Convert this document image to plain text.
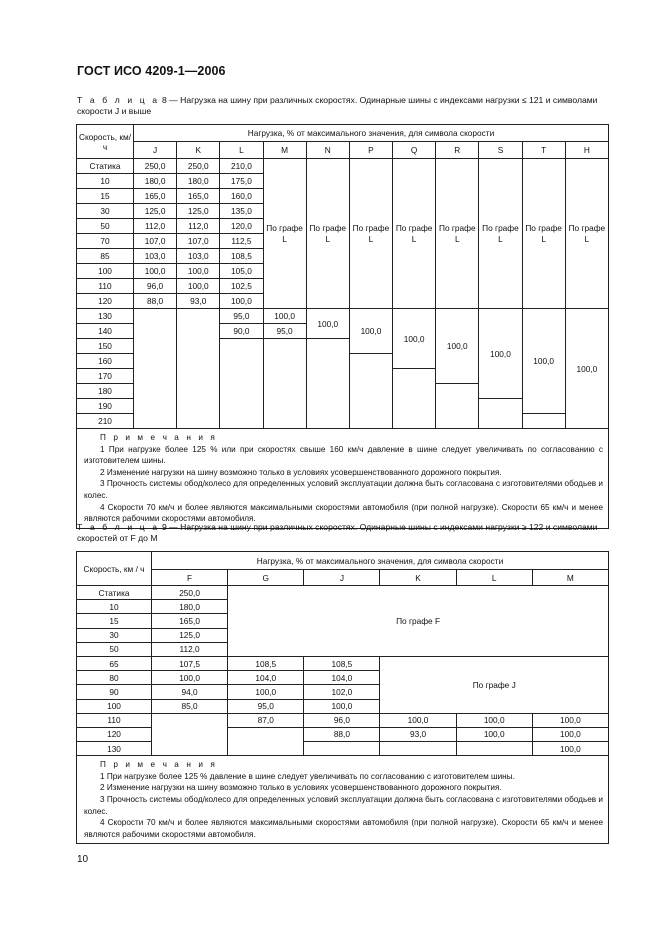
ГОСТ ИСО 4209-1—2006
Т а б л и ц а 8 — Нагрузка на шину при различных скоростях. Одинарные шины с индексами нагрузки ≤ 121 и символами скорости J и выше
Скорость, км/ч	Нагрузка, % от максимального значения, для символа скорости										
	J	K	L	M	N	P	Q	R	S	T	H
Статика	250,0	250,0	210,0	По графе L	По графе L	По графе L	По графе L	По графе L	По графе L	По графе L	По графе L
10	180,0	180,0	175,0								
15	165,0	165,0	160,0								
30	125,0	125,0	135,0								
50	112,0	112,0	120,0								
70	107,0	107,0	112,5								
85	103,0	103,0	108,5								
100	100,0	100,0	105,0								
110	96,0	100,0	102,5								
120	88,0	93,0	100,0								
130			95,0	100,0	100,0	100,0	100,0	100,0	100,0	100,0	100,0
140			90,0	95,0							
150											
160											
170											
180											
190											
210											

П р и м е ч а н и я
1 При нагрузке более 125 % или при скоростях свыше 160 км/ч давление в шине следует увеличивать по согласованию с изготовителем шины.
2 Изменение нагрузки на шину возможно только в условиях усовершенствованного дорожного покрытия.
3 Прочность системы обод/колесо для определенных условий эксплуатации должна быть согласована с изготовителями ободьев и колес.
4 Скорости 70 км/ч и более являются максимальными скоростями автомобиля (при полной нагрузке). Скорости 65 км/ч и менее являются рабочими скоростями автомобиля.											
Т а б л и ц а 9 — Нагрузка на шину при различных скоростях. Одинарные шины с индексами нагрузки ≥ 122 и символами скоростей от F до M
Скорость, км / ч	Нагрузка, % от максимального значения, для символа скорости					
	F	G	J	K	L	M
Статика	250,0	По графе F				
10	180,0					
15	165,0					
30	125,0					
50	112,0					
65	107,5	108,5	108,5	По графе J		
80	100,0	104,0	104,0			
90	94,0	100,0	102,0			
100	85,0	95,0	100,0			
110		87,0	96,0	100,0	100,0	100,0
120			88,0	93,0	100,0	100,0
130						100,0

П р и м е ч а н и я
1 При нагрузке более 125 % давление в шине следует увеличивать по согласованию с изготовителем шины.
2 Изменение нагрузки на шину возможно только в условиях усовершенствованного дорожного покрытия.
3 Прочность системы обод/колесо для определенных условий эксплуатации должна быть согласована с изготовителями ободьев и колес.
4 Скорости 70 км/ч и более являются максимальными скоростями автомобиля (при полной нагрузке). Скорости 65 км/ч и менее являются рабочими скоростями автомобиля.						
10
